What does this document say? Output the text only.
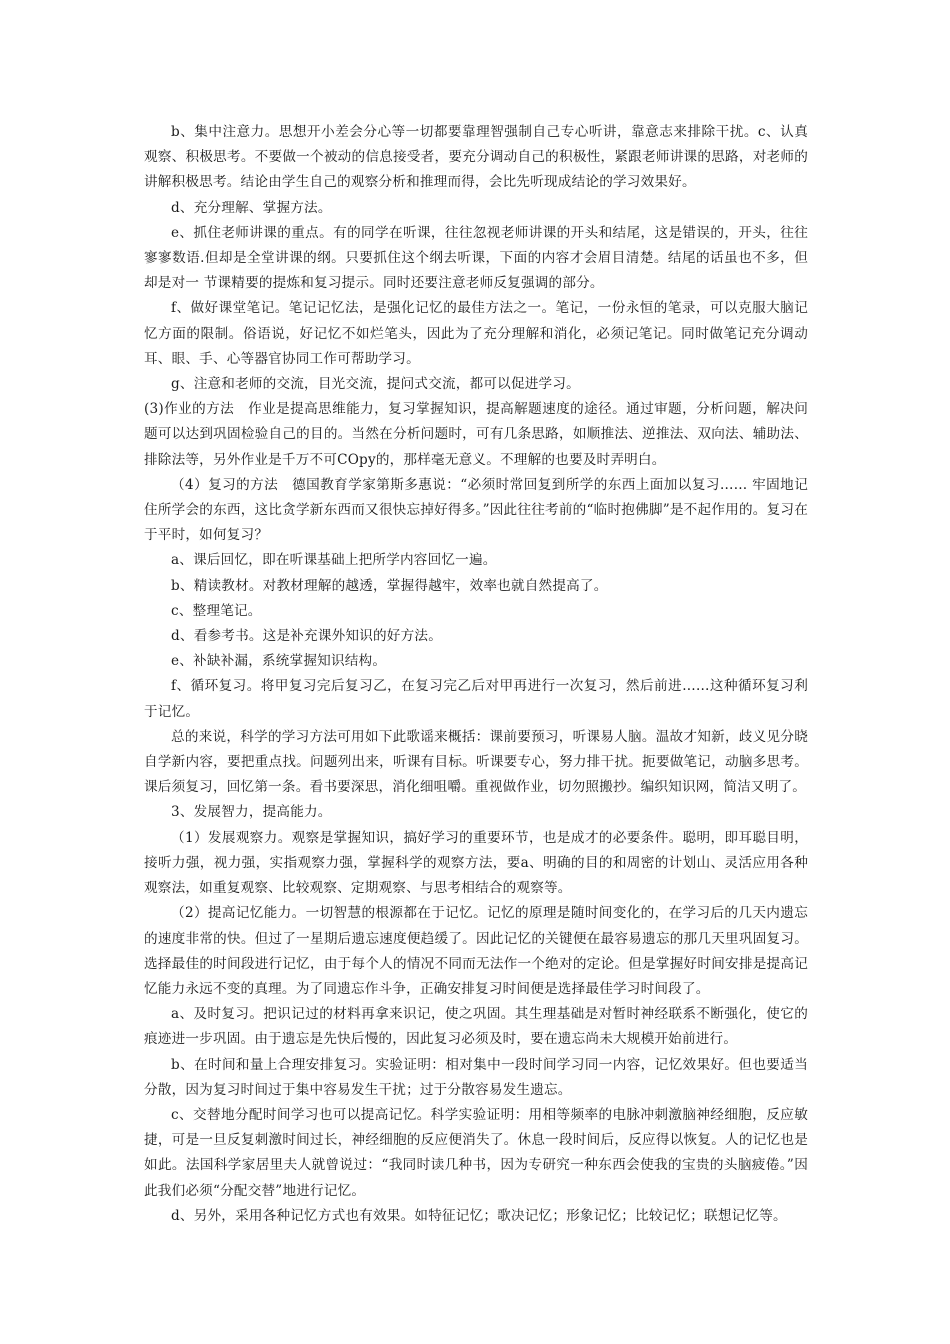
b、集中注意力。思想开小差会分心等一切都要靠理智强制自己专心听讲，靠意志来排除干扰。c、认真观察、积极思考。不要做一个被动的信息接受者，要充分调动自己的积极性，紧跟老师讲课的思路，对老师的讲解积极思考。结论由学生自己的观察分析和推理而得，会比先听现成结论的学习效果好。

d、充分理解、掌握方法。

e、抓住老师讲课的重点。有的同学在听课，往往忽视老师讲课的开头和结尾，这是错误的，开头，往往寥寥数语.但却是全堂讲课的纲。只要抓住这个纲去听课，下面的内容才会眉目清楚。结尾的话虽也不多，但却是对一 节课精要的提炼和复习提示。同时还要注意老师反复强调的部分。

f、做好课堂笔记。笔记记忆法，是强化记忆的最佳方法之一。笔记，一份永恒的笔录，可以克服大脑记忆方面的限制。俗语说，好记忆不如烂笔头，因此为了充分理解和消化，必须记笔记。同时做笔记充分调动耳、眼、手、心等器官协同工作可帮助学习。

g、注意和老师的交流，目光交流，提问式交流，都可以促进学习。

(3)作业的方法　作业是提高思维能力，复习掌握知识，提高解题速度的途径。通过审题，分析问题，解决问题可以达到巩固检验自己的目的。当然在分析问题时，可有几条思路，如顺推法、逆推法、双向法、辅助法、排除法等，另外作业是千万不可COpy的，那样毫无意义。不理解的也要及时弄明白。

（4）复习的方法　德国教育学家第斯多惠说：“必须时常回复到所学的东西上面加以复习…… 牢固地记住所学会的东西，这比贪学新东西而又很快忘掉好得多。”因此往往考前的“临时抱佛脚”是不起作用的。复习在于平时，如何复习？

a、课后回忆，即在听课基础上把所学内容回忆一遍。

b、精读教材。对教材理解的越透，掌握得越牢，效率也就自然提高了。

c、整理笔记。

d、看参考书。这是补充课外知识的好方法。

e、补缺补漏，系统掌握知识结构。

f、循环复习。将甲复习完后复习乙，在复习完乙后对甲再进行一次复习，然后前进……这种循环复习利于记忆。

总的来说，科学的学习方法可用如下此歌谣来概括：课前要预习，听课易人脑。温故才知新，歧义见分晓自学新内容，要把重点找。问题列出来，听课有目标。听课要专心，努力排干扰。扼要做笔记，动脑多思考。课后须复习，回忆第一条。看书要深思，消化细咀嚼。重视做作业，切勿照搬抄。编织知识网，简洁又明了。

3、发展智力，提高能力。

（1）发展观察力。观察是掌握知识，搞好学习的重要环节，也是成才的必要条件。聪明，即耳聪目明，接听力强，视力强，实指观察力强，掌握科学的观察方法，要a、明确的目的和周密的计划山、灵活应用各种观察法，如重复观察、比较观察、定期观察、与思考相结合的观察等。

（2）提高记忆能力。一切智慧的根源都在于记忆。记忆的原理是随时间变化的，在学习后的几天内遗忘的速度非常的快。但过了一星期后遗忘速度便趋缓了。因此记忆的关键便在最容易遗忘的那几天里巩固复习。选择最佳的时间段进行记忆，由于每个人的情况不同而无法作一个绝对的定论。但是掌握好时间安排是提高记忆能力永远不变的真理。为了同遗忘作斗争，正确安排复习时间便是选择最佳学习时间段了。

a、及时复习。把识记过的材料再拿来识记，使之巩固。其生理基础是对暂时神经联系不断强化，使它的痕迹进一步巩固。由于遗忘是先快后慢的，因此复习必须及时，要在遗忘尚未大规模开始前进行。

b、在时间和量上合理安排复习。实验证明：相对集中一段时间学习同一内容，记忆效果好。但也要适当分散，因为复习时间过于集中容易发生干扰；过于分散容易发生遗忘。

c、交替地分配时间学习也可以提高记忆。科学实验证明：用相等频率的电脉冲刺激脑神经细胞，反应敏捷，可是一旦反复刺激时间过长，神经细胞的反应便消失了。休息一段时间后，反应得以恢复。人的记忆也是如此。法国科学家居里夫人就曾说过：“我同时读几种书，因为专研究一种东西会使我的宝贵的头脑疲倦。”因此我们必须“分配交替”地进行记忆。

d、另外，采用各种记忆方式也有效果。如特征记忆；歌决记忆；形象记忆；比较记忆；联想记忆等。
